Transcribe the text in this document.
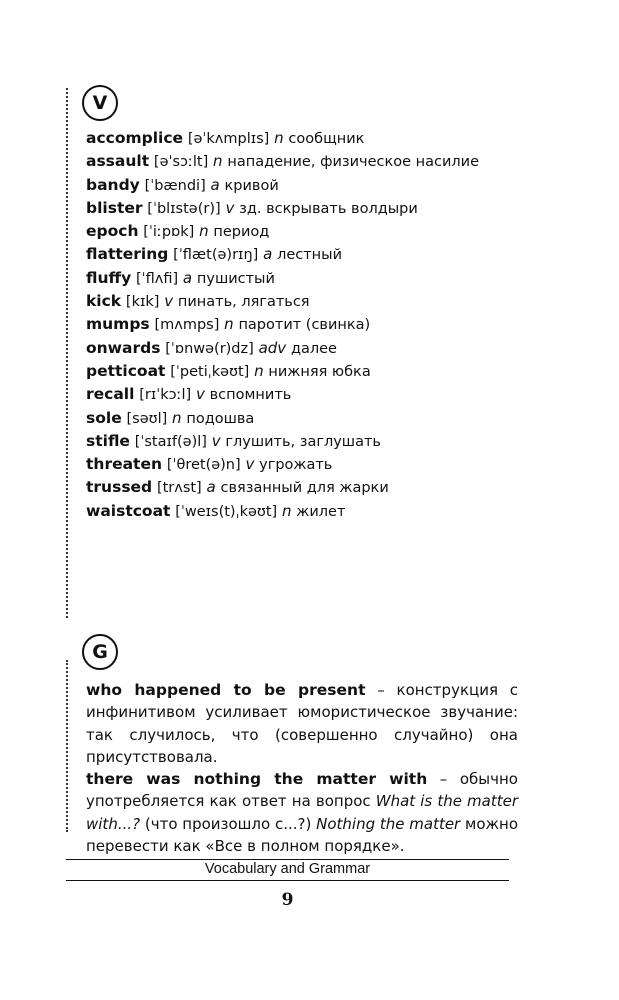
V
accomplice [əˈkʌmplɪs] n сообщник
assault [əˈsɔːlt] n нападение, физическое насилие
bandy [ˈbændi] a кривой
blister [ˈblɪstə(r)] v зд. вскрывать волдыри
epoch [ˈiːpɒk] n период
flattering [ˈflæt(ə)rɪŋ] a лестный
fluffy [ˈflʌfi] a пушистый
kick [kɪk] v пинать, лягаться
mumps [mʌmps] n паротит (свинка)
onwards [ˈɒnwə(r)dz] adv далее
petticoat [ˈpetiˌkəʊt] n нижняя юбка
recall [rɪˈkɔːl] v вспомнить
sole [səʊl] n подошва
stifle [ˈstaɪf(ə)l] v глушить, заглушать
threaten [ˈθret(ə)n] v угрожать
trussed [trʌst] a связанный для жарки
waistcoat [ˈweɪs(t)ˌkəʊt] n жилет
G

who happened to be present – конструкция с инфинитивом усиливает юмористическое звучание: так случилось, что (совершенно случайно) она присутствовала.

there was nothing the matter with – обычно употребляется как ответ на вопрос What is the matter with...? (что произошло с...?) Nothing the matter можно перевести как «Все в полном порядке».

Vocabulary and Grammar
9
